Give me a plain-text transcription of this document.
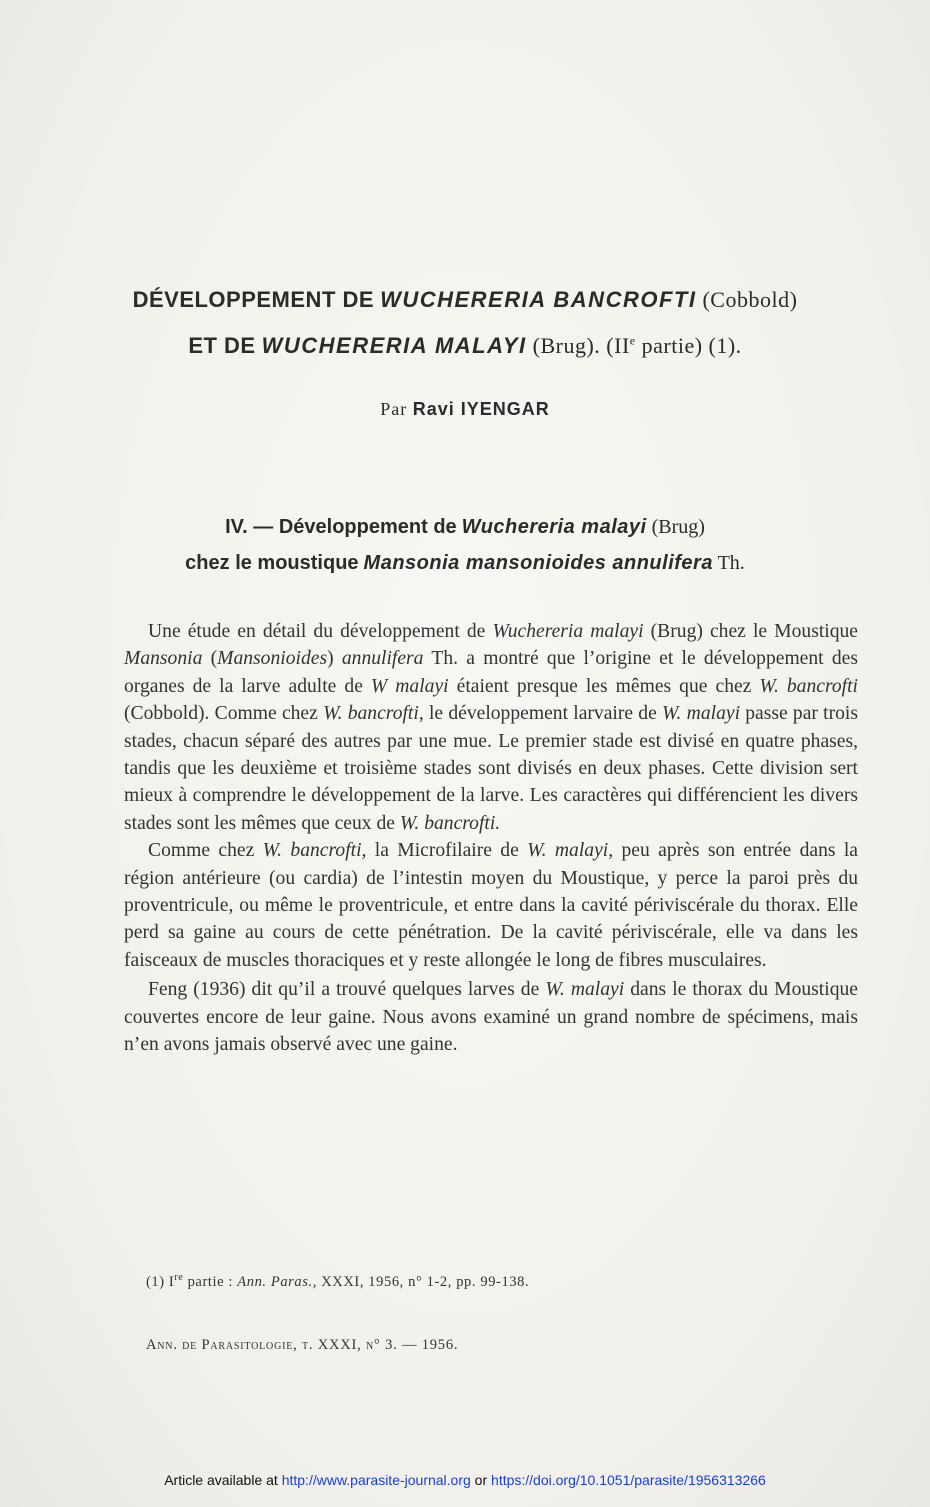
DÉVELOPPEMENT DE WUCHERERIA BANCROFTI (Cobbold)
ET DE WUCHERERIA MALAYI (Brug). (IIe partie) (1).
Par Ravi IYENGAR
IV. — Développement de Wuchereria malayi (Brug)
chez le moustique Mansonia mansonioides annulifera Th.

Une étude en détail du développement de Wuchereria malayi (Brug) chez le Moustique Mansonia (Mansonioides) annulifera Th. a montré que l’origine et le développement des organes de la larve adulte de W malayi étaient presque les mêmes que chez W. bancrofti (Cobbold). Comme chez W. bancrofti, le développement larvaire de W. malayi passe par trois stades, chacun séparé des autres par une mue. Le premier stade est divisé en quatre phases, tandis que les deuxième et troisième stades sont divisés en deux phases. Cette division sert mieux à comprendre le développement de la larve. Les caractères qui différencient les divers stades sont les mêmes que ceux de W. bancrofti.

Comme chez W. bancrofti, la Microfilaire de W. malayi, peu après son entrée dans la région antérieure (ou cardia) de l’intestin moyen du Moustique, y perce la paroi près du proventricule, ou même le proventricule, et entre dans la cavité périviscérale du thorax. Elle perd sa gaine au cours de cette pénétration. De la cavité périviscérale, elle va dans les faisceaux de muscles thoraciques et y reste allongée le long de fibres musculaires.

Feng (1936) dit qu’il a trouvé quelques larves de W. malayi dans le thorax du Moustique couvertes encore de leur gaine. Nous avons examiné un grand nombre de spécimens, mais n’en avons jamais observé avec une gaine.

(1) Ire partie : Ann. Paras., XXXI, 1956, n° 1-2, pp. 99-138.
Ann. de Parasitologie, t. XXXI, n° 3. — 1956.
Article available at http://www.parasite-journal.org or https://doi.org/10.1051/parasite/1956313266
